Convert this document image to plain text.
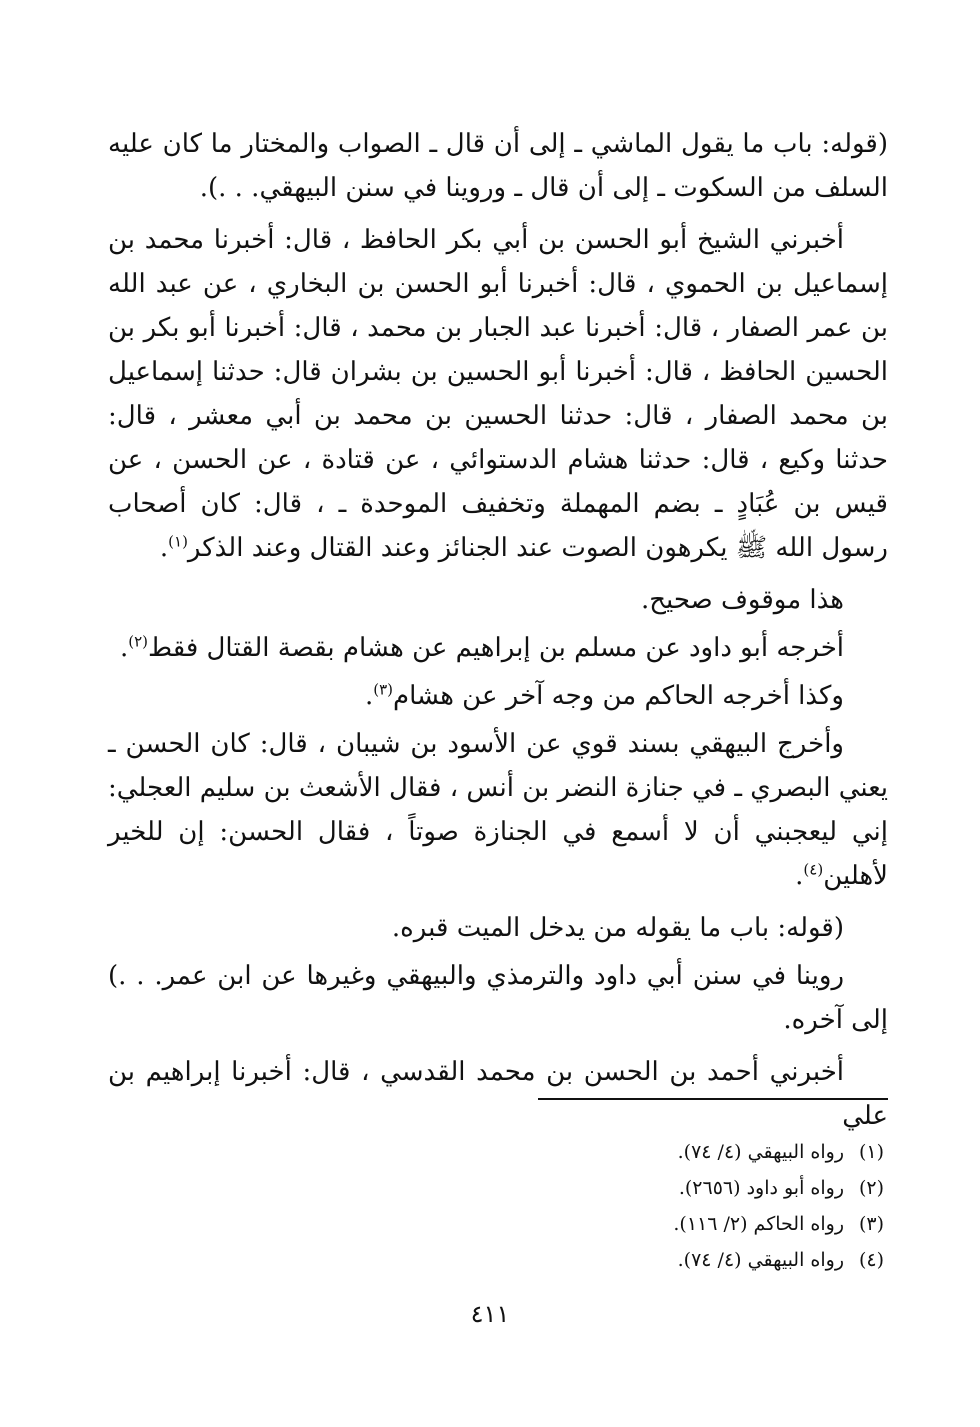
(قوله: باب ما يقول الماشي ـ إلى أن قال ـ الصواب والمختار ما كان عليه السلف من السكوت ـ إلى أن قال ـ وروينا في سنن البيهقي. . .).

أخبرني الشيخ أبو الحسن بن أبي بكر الحافظ ، قال: أخبرنا محمد بن إسماعيل بن الحموي ، قال: أخبرنا أبو الحسن بن البخاري ، عن عبد الله بن عمر الصفار ، قال: أخبرنا عبد الجبار بن محمد ، قال: أخبرنا أبو بكر بن الحسين الحافظ ، قال: أخبرنا أبو الحسين بن بشران قال: حدثنا إسماعيل بن محمد الصفار ، قال: حدثنا الحسين بن محمد بن أبي معشر ، قال: حدثنا وكيع ، قال: حدثنا هشام الدستوائي ، عن قتادة ، عن الحسن ، عن قيس بن عُبَادٍ ـ بضم المهملة وتخفيف الموحدة ـ ، قال: كان أصحاب رسول الله ﷺ يكرهون الصوت عند الجنائز وعند القتال وعند الذكر$^{(١)}$.

هذا موقوف صحيح.

أخرجه أبو داود عن مسلم بن إبراهيم عن هشام بقصة القتال فقط$^{(٢)}$.

وكذا أخرجه الحاكم من وجه آخر عن هشام$^{(٣)}$.

وأخرج البيهقي بسند قوي عن الأسود بن شيبان ، قال: كان الحسن ـ يعني البصري ـ في جنازة النضر بن أنس ، فقال الأشعث بن سليم العجلي: إني ليعجبني أن لا أسمع في الجنازة صوتاً ، فقال الحسن: إن للخير لأهلين$^{(٤)}$.

(قوله: باب ما يقوله من يدخل الميت قبره.

روينا في سنن أبي داود والترمذي والبيهقي وغيرها عن ابن عمر. . .) إلى آخره.

أخبرني أحمد بن الحسن بن محمد القدسي ، قال: أخبرنا إبراهيم بن علي

(١)رواه البيهقي (٤/ ٧٤).
(٢)رواه أبو داود (٢٦٥٦).
(٣)رواه الحاكم (٢/ ١١٦).
(٤)رواه البيهقي (٤/ ٧٤).
٤١١
